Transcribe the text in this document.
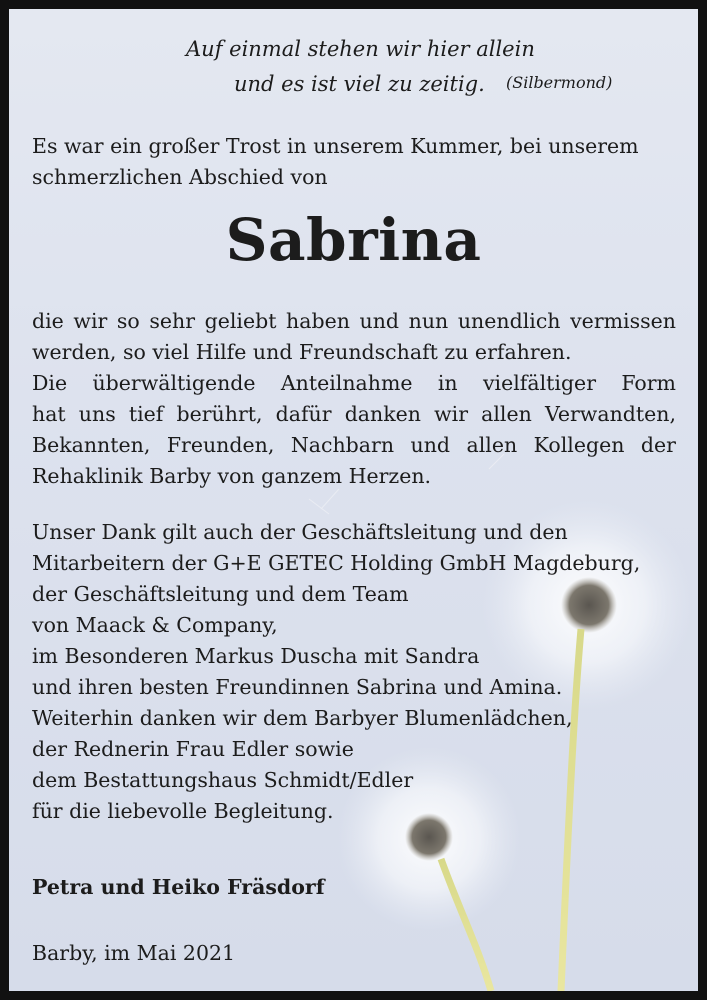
Auf einmal stehen wir hier allein
und es ist viel zu zeitig. (Silbermond)
Es war ein großer Trost in unserem Kummer, bei unserem
schmerzlichen Abschied von
Sabrina
die wir so sehr geliebt haben und nun unendlich vermissen
werden, so viel Hilfe und Freundschaft zu erfahren.
Die überwältigende Anteilnahme in vielfältiger Form
hat uns tief berührt, dafür danken wir allen Verwandten,
Bekannten, Freunden, Nachbarn und allen Kollegen der
Rehaklinik Barby von ganzem Herzen.
Unser Dank gilt auch der Geschäftsleitung und den
Mitarbeitern der G+E GETEC Holding GmbH Magdeburg,
der Geschäftsleitung und dem Team
von Maack & Company,
im Besonderen Markus Duscha mit Sandra
und ihren besten Freundinnen Sabrina und Amina.
Weiterhin danken wir dem Barbyer Blumenlädchen,
der Rednerin Frau Edler sowie
dem Bestattungshaus Schmidt/Edler
für die liebevolle Begleitung.
Petra und Heiko Fräsdorf
Barby, im Mai 2021
